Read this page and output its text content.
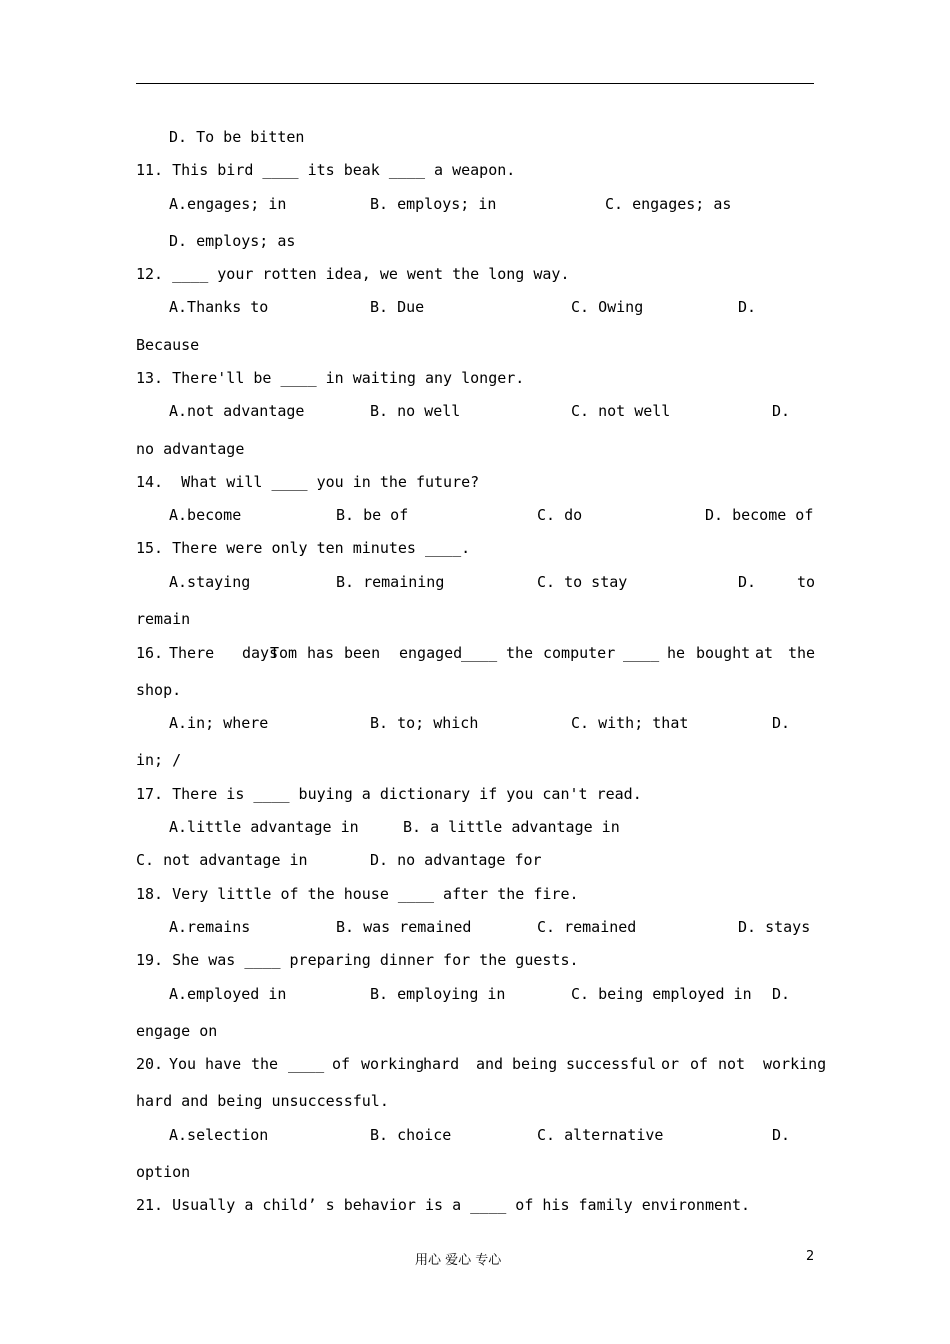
D. To be bitten
11. This bird ____ its beak ____ a weapon.
A.engages; in	B. employs; in	C. engages; as
D. employs; as
12. ____ your rotten idea, we went the long way.
A.Thanks to	B. Due	C. Owing	D.
Because
13. There'll be ____ in waiting any longer.
A.not advantage	B. no well	C. not well	D.
no advantage
14.  What will ____ you in the future?
A.become	B. be of	C. do	D. become of
15. There were only ten minutes ____.
A.staying	B. remaining	C. to stay	D.	to
remain
16. There days
Tom has been engaged
____ the computer ____ he bought at the
shop.
A.in; where	B. to; which	C. with; that	D.
in; /
17. There is ____ buying a dictionary if you can't read.
A.little advantage in	B. a little advantage in
C. not advantage in	D. no advantage for
18. Very little of the house ____ after the fire.
A.remains	B. was remained	C. remained	D. stays
19. She was ____ preparing dinner for the guests.
A.employed in	B. employing in	C. being employed in D.
engage on
20. You have the ____ of working
hard and being successful or of not working
hard and being unsuccessful.
A.selection	B. choice	C. alternative	D.
option
21. Usually a child’ s behavior is a ____ of his family environment.
用心 爱心 专心	2
